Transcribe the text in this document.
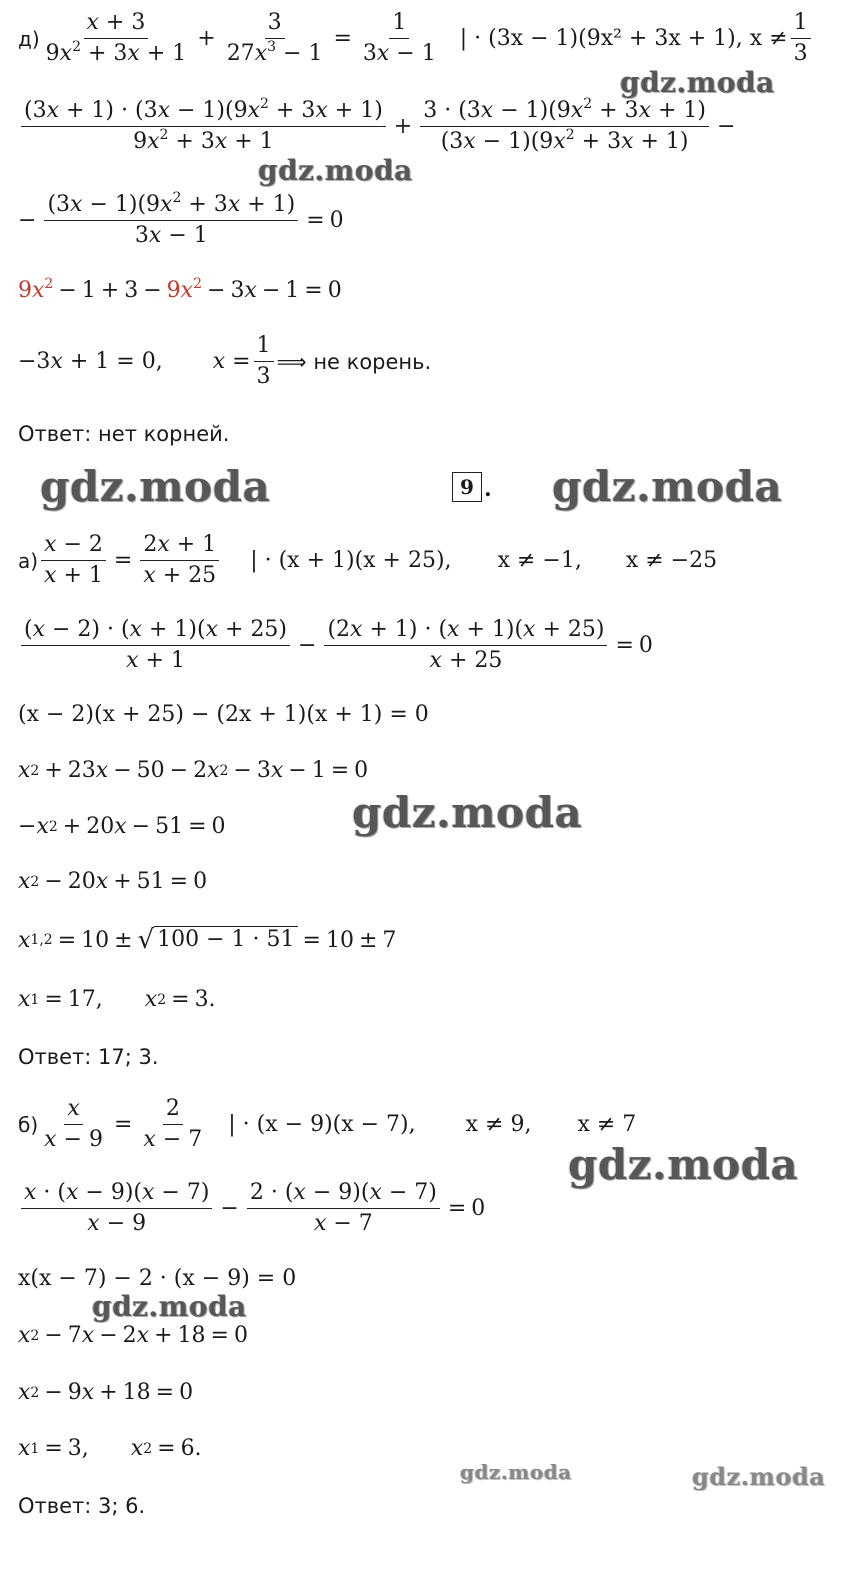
$д) \frac{x + 3}{9x^2 + 3x + 1} + \frac{3}{27x^3 - 1} = \frac{1}{3x - 1}$ | · (3x − 1)(9x² + 3x + 1), $x \ne \frac{1}{3}$
$\frac{(3x + 1) \cdot (3x - 1)(9x^2 + 3x + 1)}{9x^2 + 3x + 1} + \frac{3 \cdot (3x - 1)(9x^2 + 3x + 1)}{(3x - 1)(9x^2 + 3x + 1)}$ −
− $\frac{(3x - 1)(9x^2 + 3x + 1)}{3x - 1} = 0$
$9x^2 - 1 + 3 - 9x^2 - 3$ x − 1 = 0
−3x + 1 = 0, $x = \frac{1}{3}$ ⟹ не корень.
Ответ: нет корней.
gdz.moda	9 . gdz.moda
gdz.moda
gdz.moda
$а) \frac{x - 2}{x + 1} = \frac{2x + 1}{x + 25}$ | · (x + 1)(x + 25), x ≠ −1, x ≠ −25
$\frac{(x - 2) \cdot (x + 1)(x + 25)}{x + 1} - \frac{(2x + 1) \cdot (x + 1)(x + 25)}{x + 25} = 0$
(x − 2)(x + 25) − (2x + 1)(x + 1) = 0
x 2 + 23 x − 50 − 2 x 2 − 3 x − 1 = 0
gdz.moda
− x 2 + 20 x − 51 = 0
x 2 − 20 x + 51 = 0
x 1,2 = 10 ± √ 100 − 1 · 51 = 10 ± 7
x 1 = 17, x 2 = 3.
Ответ: 17; 3.
$б) \frac{x}{x - 9} = \frac{2}{x - 7}$ | · (x − 9)(x − 7), x ≠ 9, x ≠ 7
gdz.moda
$\frac{x \cdot (x - 9)(x - 7)}{x - 9} - \frac{2 \cdot (x - 9)(x - 7)}{x - 7} = 0$
x(x − 7) − 2 · (x − 9) = 0
gdz.moda
x 2 − 7 x − 2 x + 18 = 0
x 2 − 9 x + 18 = 0
x 1 = 3, x 2 = 6.
gdz.moda	gdz.moda
Ответ: 3; 6.
